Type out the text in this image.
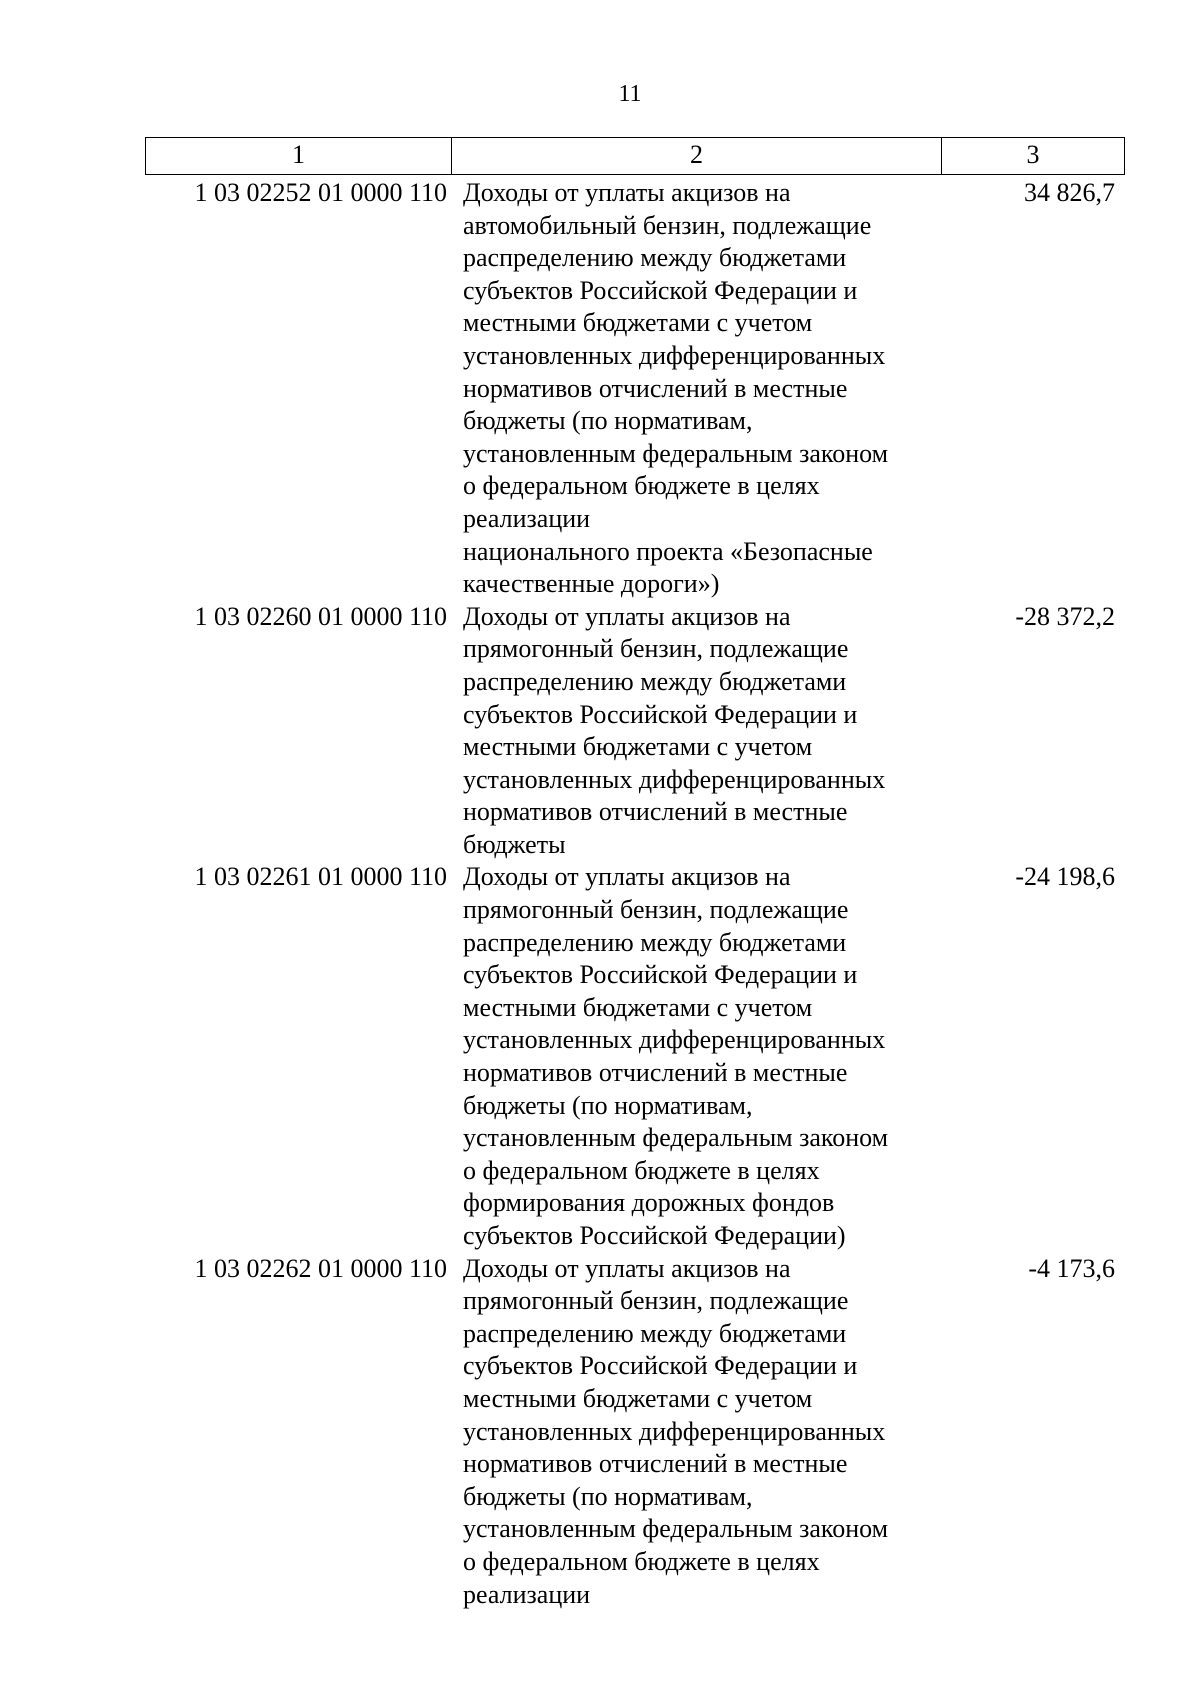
11
1	2	3
1 03 02252 01 0000 110 Доходы от уплаты акцизов на
автомобильный бензин, подлежащие
распределению между бюджетами
субъектов Российской Федерации и
местными бюджетами с учетом
установленных дифференцированных
нормативов отчислений в местные
бюджеты (по нормативам,
установленным федеральным законом
о федеральном бюджете в целях
реализации
национального проекта «Безопасные
качественные дороги»)
34 826,7
1 03 02260 01 0000 110 Доходы от уплаты акцизов на
прямогонный бензин, подлежащие
распределению между бюджетами
субъектов Российской Федерации и
местными бюджетами с учетом
установленных дифференцированных
нормативов отчислений в местные
бюджеты
-28 372,2
1 03 02261 01 0000 110 Доходы от уплаты акцизов на
прямогонный бензин, подлежащие
распределению между бюджетами
субъектов Российской Федерации и
местными бюджетами с учетом
установленных дифференцированных
нормативов отчислений в местные
бюджеты (по нормативам,
установленным федеральным законом
о федеральном бюджете в целях
формирования дорожных фондов
субъектов Российской Федерации)
-24 198,6
1 03 02262 01 0000 110 Доходы от уплаты акцизов на
прямогонный бензин, подлежащие
распределению между бюджетами
субъектов Российской Федерации и
местными бюджетами с учетом
установленных дифференцированных
нормативов отчислений в местные
бюджеты (по нормативам,
установленным федеральным законом
о федеральном бюджете в целях
реализации
-4 173,6
